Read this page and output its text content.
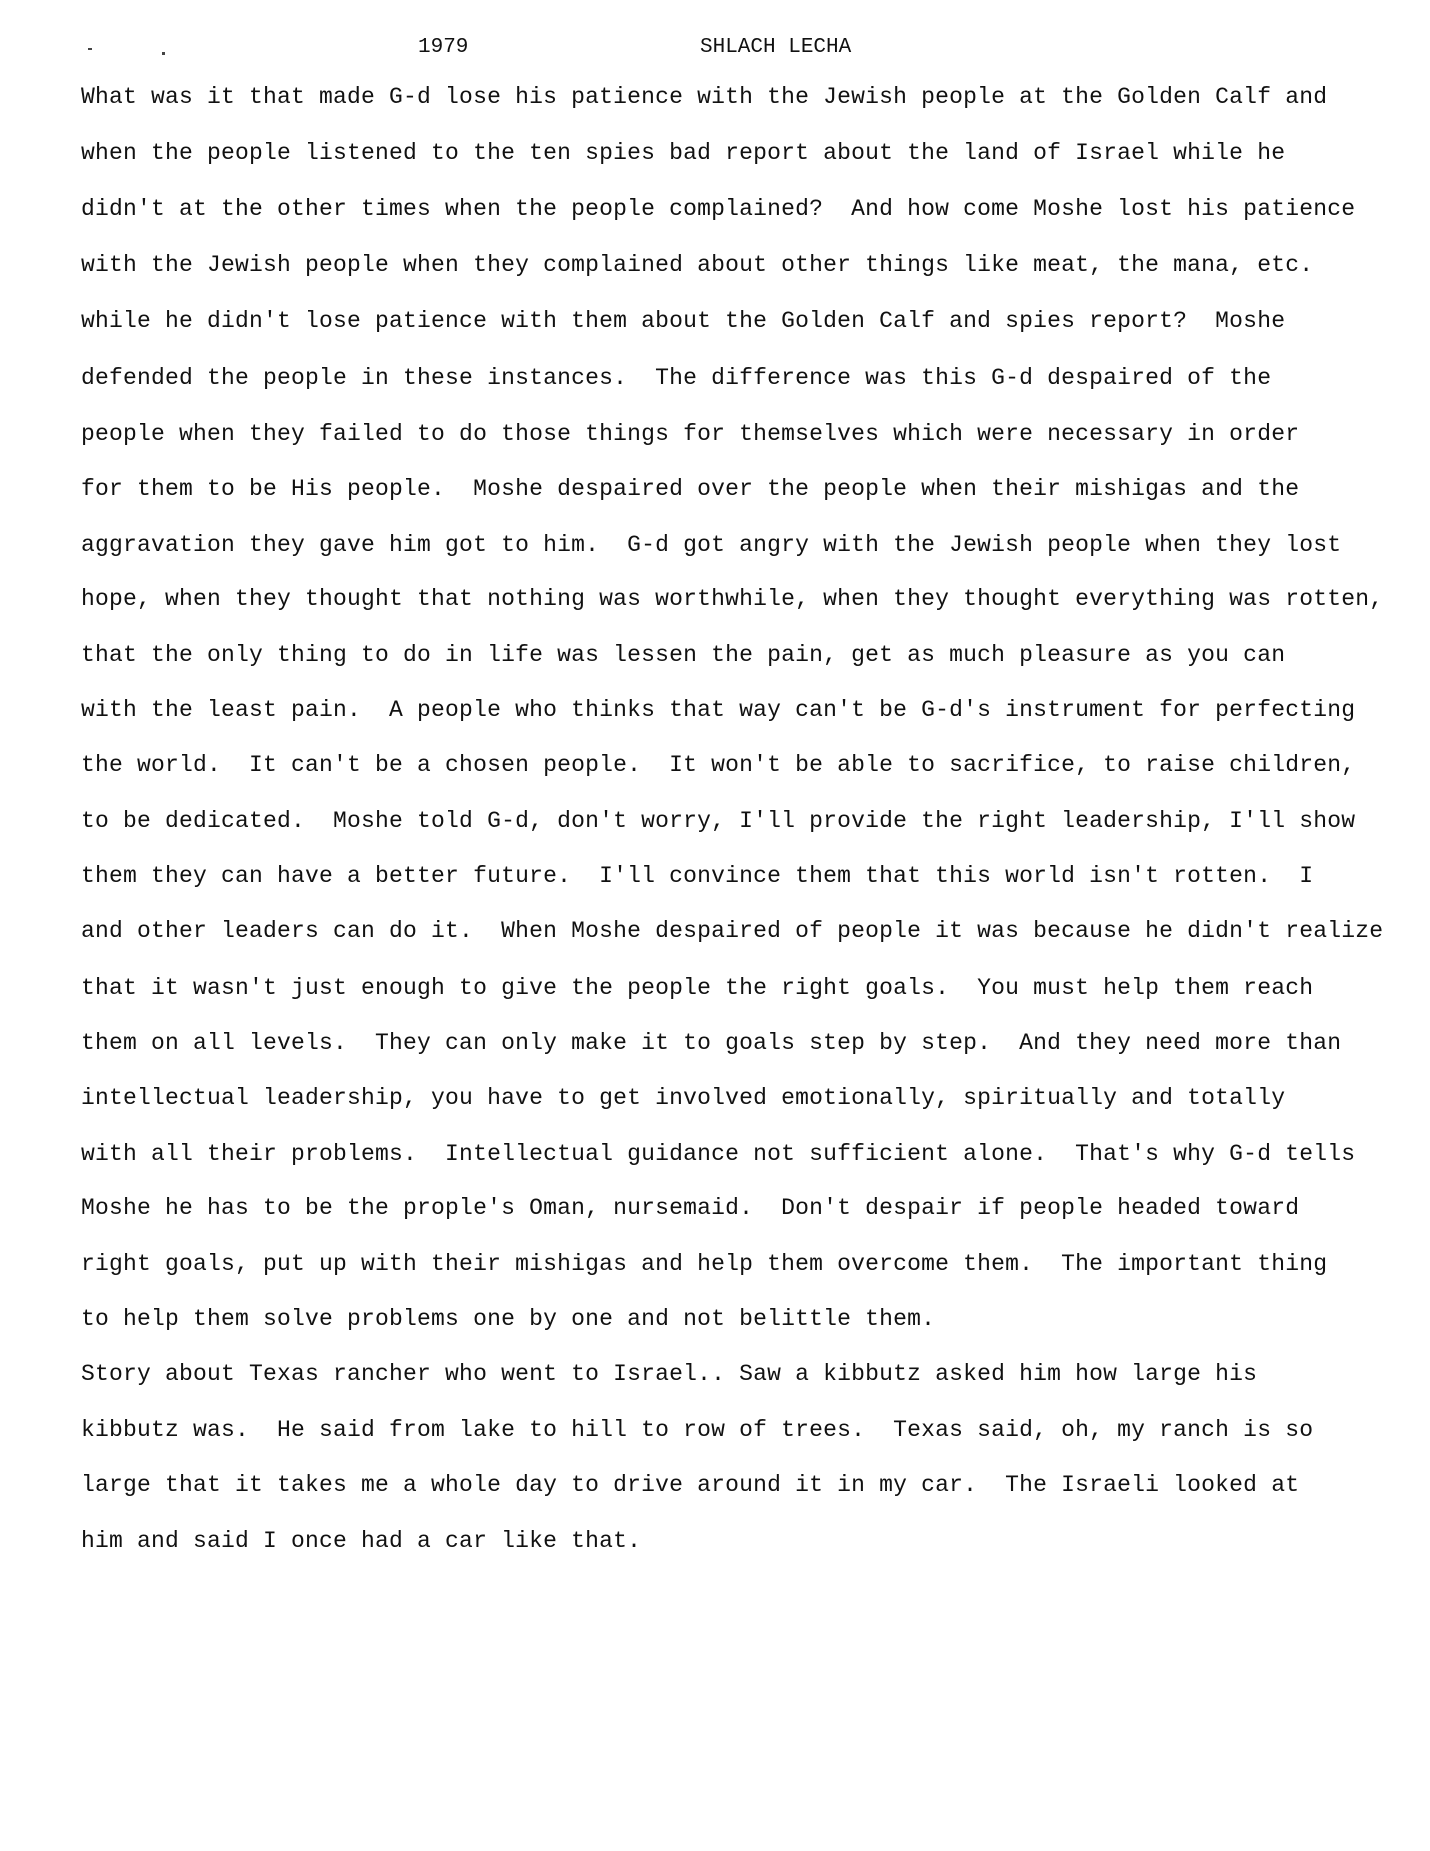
1979	SHLACH LECHA
What was it that made G-d lose his patience with the Jewish people at the Golden Calf and
when the people listened to the ten spies bad report about the land of Israel while he
didn't at the other times when the people complained?  And how come Moshe lost his patience
with the Jewish people when they complained about other things like meat, the mana, etc.
while he didn't lose patience with them about the Golden Calf and spies report?  Moshe
defended the people in these instances.  The difference was this G-d despaired of the
people when they failed to do those things for themselves which were necessary in order
for them to be His people.  Moshe despaired over the people when their mishigas and the
aggravation they gave him got to him.  G-d got angry with the Jewish people when they lost
hope, when they thought that nothing was worthwhile, when they thought everything was rotten,
that the only thing to do in life was lessen the pain, get as much pleasure as you can
with the least pain.  A people who thinks that way can't be G-d's instrument for perfecting
the world.  It can't be a chosen people.  It won't be able to sacrifice, to raise children,
to be dedicated.  Moshe told G-d, don't worry, I'll provide the right leadership, I'll show
them they can have a better future.  I'll convince them that this world isn't rotten.  I
and other leaders can do it.  When Moshe despaired of people it was because he didn't realize
that it wasn't just enough to give the people the right goals.  You must help them reach
them on all levels.  They can only make it to goals step by step.  And they need more than
intellectual leadership, you have to get involved emotionally, spiritually and totally
with all their problems.  Intellectual guidance not sufficient alone.  That's why G-d tells
Moshe he has to be the prople's Oman, nursemaid.  Don't despair if people headed toward
right goals, put up with their mishigas and help them overcome them.  The important thing
to help them solve problems one by one and not belittle them.
Story about Texas rancher who went to Israel.. Saw a kibbutz asked him how large his
kibbutz was.  He said from lake to hill to row of trees.  Texas said, oh, my ranch is so
large that it takes me a whole day to drive around it in my car.  The Israeli looked at
him and said I once had a car like that.
